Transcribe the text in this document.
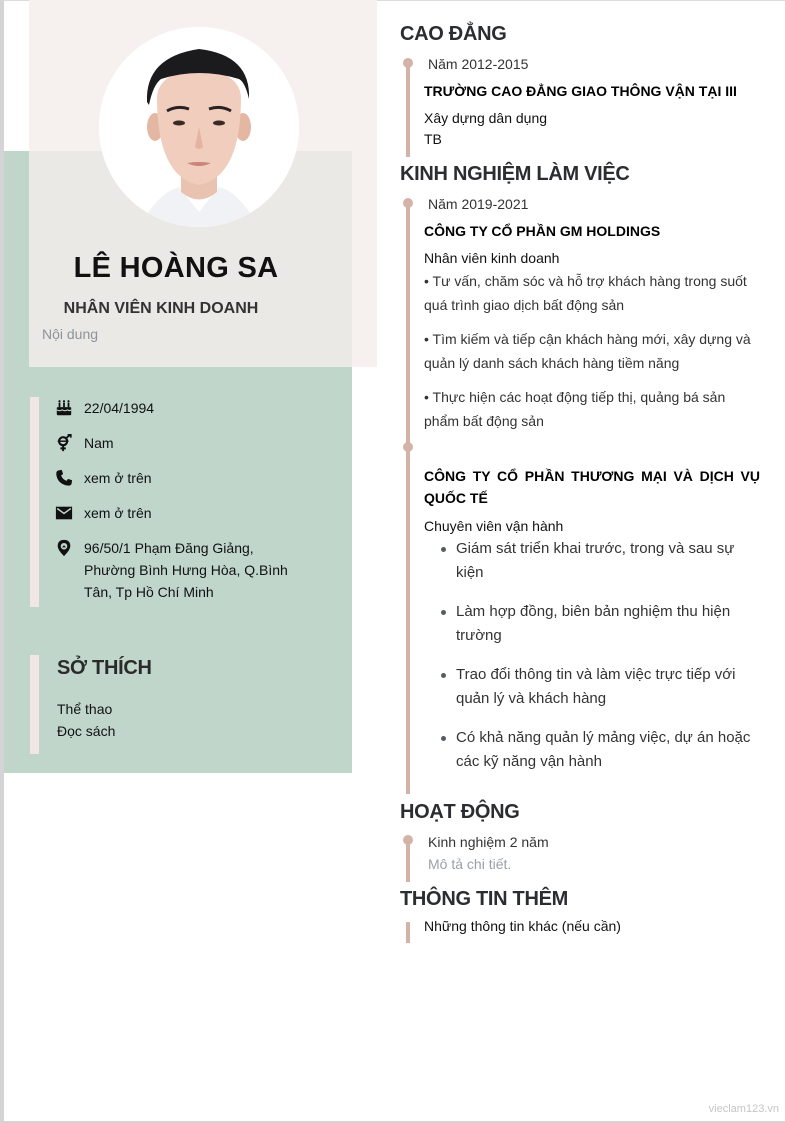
LÊ HOÀNG SA
NHÂN VIÊN KINH DOANH
Nội dung
22/04/1994
Nam
xem ở trên
xem ở trên
96/50/1 Phạm Đăng Giảng, Phường Bình Hưng Hòa, Q.Bình Tân, Tp Hồ Chí Minh
SỞ THÍCH

Thể thao

Đọc sách

CAO ĐẲNG
Năm 2012-2015
TRƯỜNG CAO ĐẲNG GIAO THÔNG VẬN TẠI III
Xây dựng dân dụng
TB
KINH NGHIỆM LÀM VIỆC
Năm 2019-2021
CÔNG TY CỔ PHẦN GM HOLDINGS
Nhân viên kinh doanh
• Tư vấn, chăm sóc và hỗ trợ khách hàng trong suốt quá trình giao dịch bất động sản
• Tìm kiếm và tiếp cận khách hàng mới, xây dựng và quản lý danh sách khách hàng tiềm năng
• Thực hiện các hoạt động tiếp thị, quảng bá sản phẩm bất động sản
CÔNG TY CỔ PHẦN THƯƠNG MẠI VÀ DỊCH VỤ QUỐC TẾ
Chuyên viên vận hành
Giám sát triển khai trước, trong và sau sự kiện
Làm hợp đồng, biên bản nghiệm thu hiện trường
Trao đổi thông tin và làm việc trực tiếp với quản lý và khách hàng
Có khả năng quản lý mảng việc, dự án hoặc các kỹ năng vận hành
HOẠT ĐỘNG
Kinh nghiệm 2 năm
Mô tả chi tiết.
THÔNG TIN THÊM
Những thông tin khác (nếu cần)
vieclam123.vn
